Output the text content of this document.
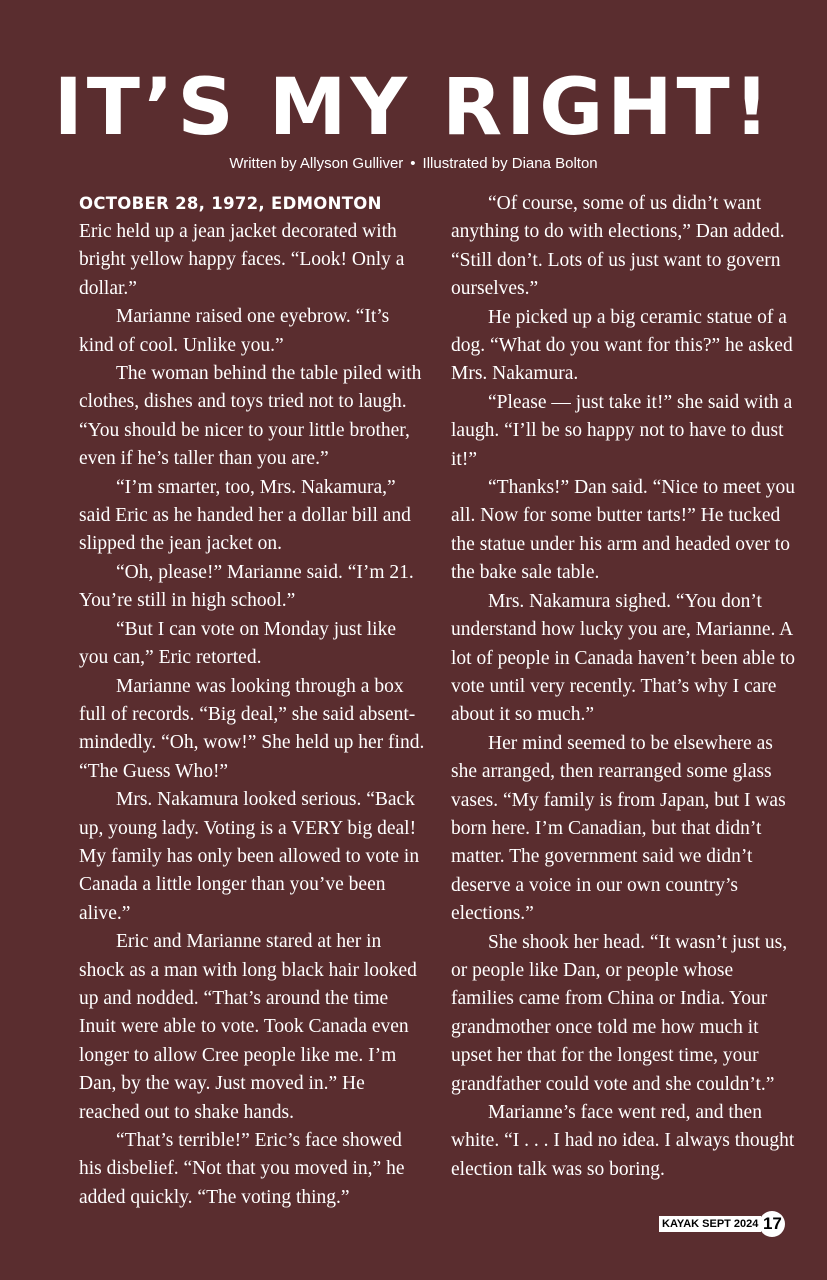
IT’S MY RIGHT!
Written by Allyson Gulliver • Illustrated by Diana Bolton
OCTOBER 28, 1972, EDMONTON

Eric held up a jean jacket decorated with bright yellow happy faces. “Look! Only a dollar.”

Marianne raised one eyebrow. “It’s kind of cool. Unlike you.”

The woman behind the table piled with clothes, dishes and toys tried not to laugh. “You should be nicer to your little brother, even if he’s taller than you are.”

“I’m smarter, too, Mrs. Nakamura,” said Eric as he handed her a dollar bill and slipped the jean jacket on.

“Oh, please!” Marianne said. “I’m 21. You’re still in high school.”

“But I can vote on Monday just like you can,” Eric retorted.

Marianne was looking through a box full of records. “Big deal,” she said absent-mindedly. “Oh, wow!” She held up her find. “The Guess Who!”

Mrs. Nakamura looked serious. “Back up, young lady. Voting is a VERY big deal! My family has only been allowed to vote in Canada a little longer than you’ve been alive.”

Eric and Marianne stared at her in shock as a man with long black hair looked up and nodded. “That’s around the time Inuit were able to vote. Took Canada even longer to allow Cree people like me. I’m Dan, by the way. Just moved in.” He reached out to shake hands.

“That’s terrible!” Eric’s face showed his disbelief. “Not that you moved in,” he added quickly. “The voting thing.”

“Of course, some of us didn’t want anything to do with elections,” Dan added. “Still don’t. Lots of us just want to govern ourselves.”

He picked up a big ceramic statue of a dog. “What do you want for this?” he asked Mrs. Nakamura.

“Please — just take it!” she said with a laugh. “I’ll be so happy not to have to dust it!”

“Thanks!” Dan said. “Nice to meet you all. Now for some butter tarts!” He tucked the statue under his arm and headed over to the bake sale table.

Mrs. Nakamura sighed. “You don’t understand how lucky you are, Marianne. A lot of people in Canada haven’t been able to vote until very recently. That’s why I care about it so much.”

Her mind seemed to be elsewhere as she arranged, then rearranged some glass vases. “My family is from Japan, but I was born here. I’m Canadian, but that didn’t matter. The government said we didn’t deserve a voice in our own country’s elections.”

She shook her head. “It wasn’t just us, or people like Dan, or people whose families came from China or India. Your grandmother once told me how much it upset her that for the longest time, your grandfather could vote and she couldn’t.”

Marianne’s face went red, and then white. “I . . . I had no idea. I always thought election talk was so boring.

KAYAK SEPT 2024 17
